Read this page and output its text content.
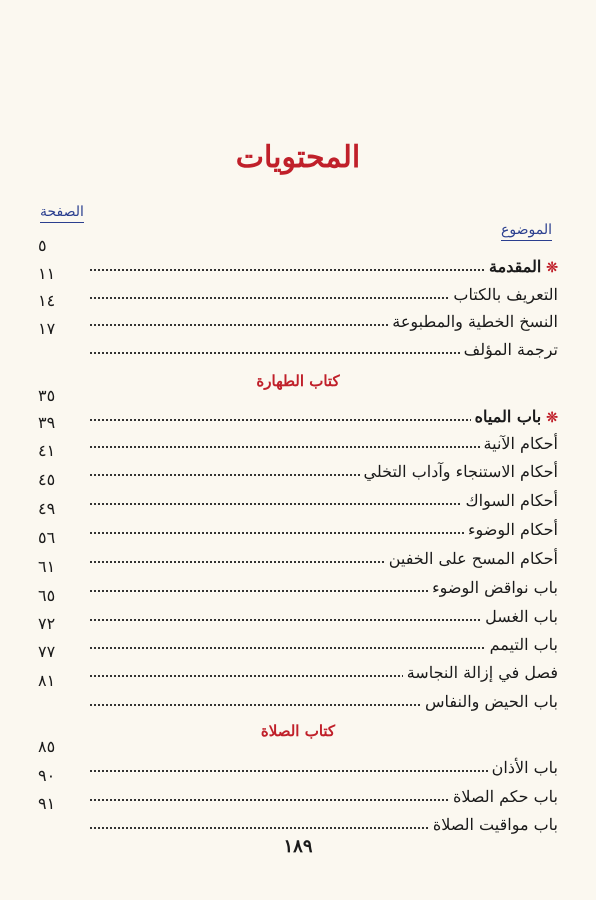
المحتويات
الصفحة
الموضوع
كتاب الطهارة
كتاب الصلاة
❊المقدمة
٥
التعريف بالكتاب
١١
النسخ الخطية والمطبوعة
١٤
ترجمة المؤلف
١٧
❊باب المياه
٣٥
أحكام الآنية
٣٩
أحكام الاستنجاء وآداب التخلي
٤١
أحكام السواك
٤٥
أحكام الوضوء
٤٩
أحكام المسح على الخفين
٥٦
باب نواقض الوضوء
٦١
باب الغسل
٦٥
باب التيمم
٧٢
فصل في إزالة النجاسة
٧٧
باب الحيض والنفاس
٨١
باب الأذان
٨٥
باب حكم الصلاة
٩٠
باب مواقيت الصلاة
٩١
١٨٩
